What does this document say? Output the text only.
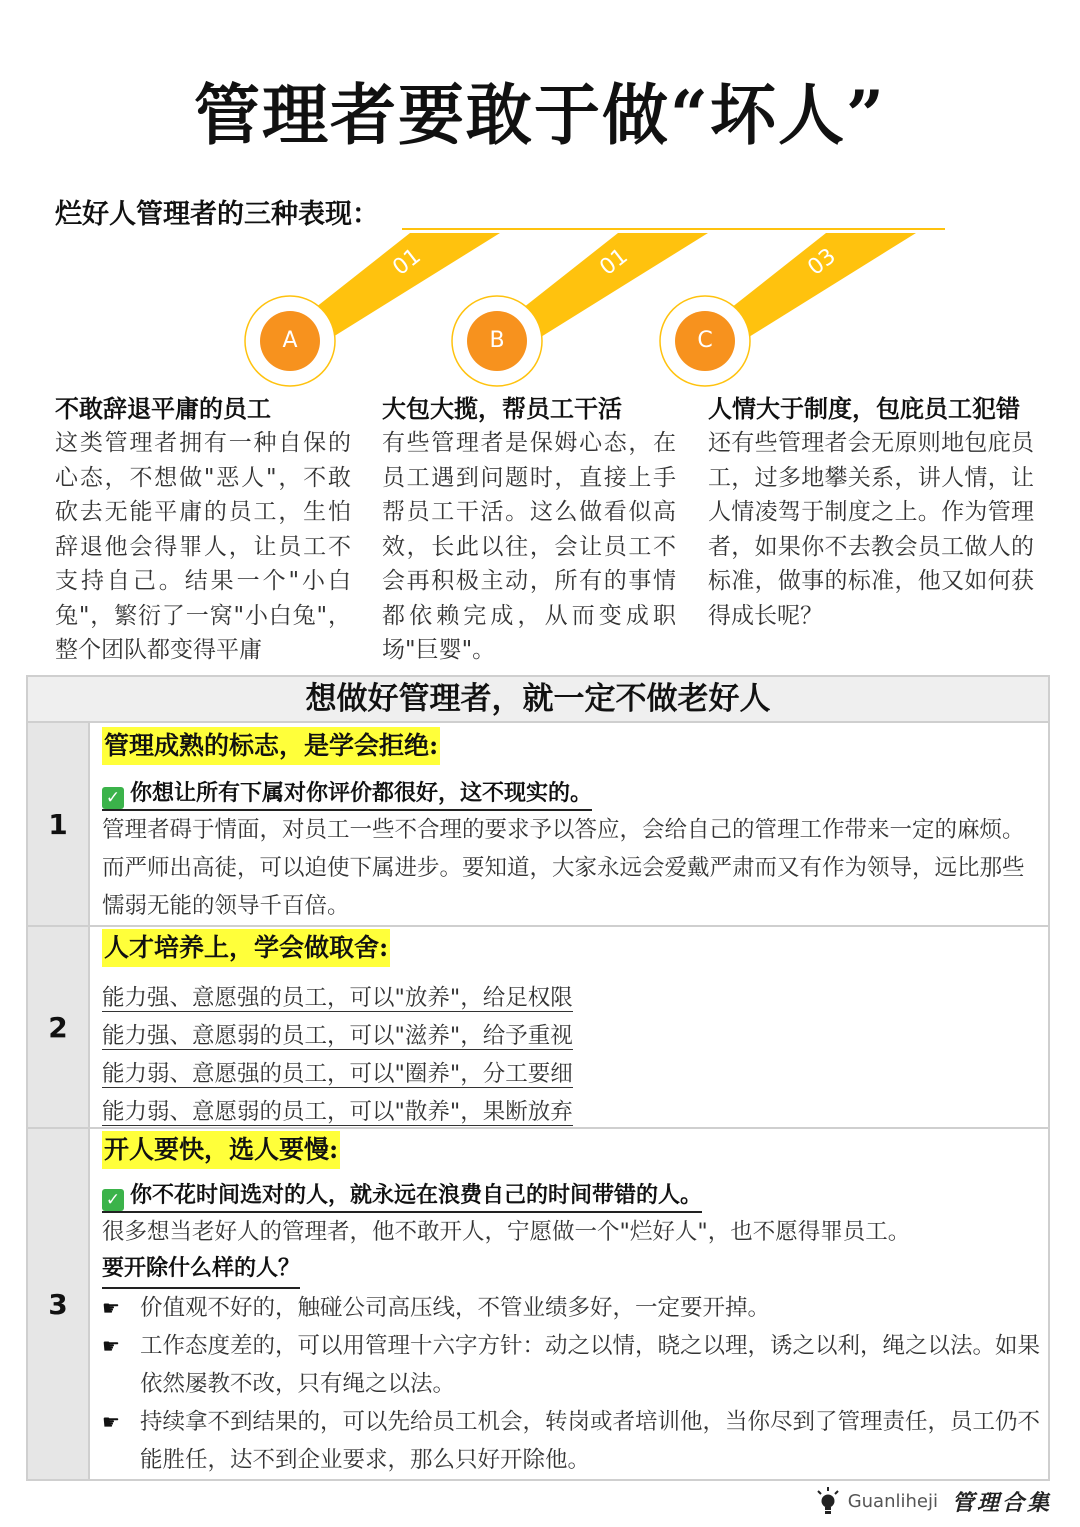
管理者要敢于做“坏人”
烂好人管理者的三种表现：
01	01	03
A	B	C
不敢辞退平庸的员工
这类管理者拥有一种自保的心态，不想做"恶人"，不敢砍去无能平庸的员工，生怕辞退他会得罪人，让员工不支持自己。结果一个"小白兔"，繁衍了一窝"小白兔"，整个团队都变得平庸
大包大揽，帮员工干活
有些管理者是保姆心态，在员工遇到问题时，直接上手帮员工干活。这么做看似高效，长此以往，会让员工不会再积极主动，所有的事情都依赖完成，从而变成职场"巨婴"。
人情大于制度，包庇员工犯错
还有些管理者会无原则地包庇员工，过多地攀关系，讲人情，让人情凌驾于制度之上。作为管理者，如果你不去教会员工做人的标准，做事的标准，他又如何获得成长呢？
想做好管理者，就一定不做老好人
1
管理成熟的标志，是学会拒绝:
✓ 你想让所有下属对你评价都很好，这不现实的。
管理者碍于情面，对员工一些不合理的要求予以答应，会给自己的管理工作带来一定的麻烦。而严师出高徒，可以迫使下属进步。要知道，大家永远会爱戴严肃而又有作为领导，远比那些懦弱无能的领导千百倍。
2
人才培养上，学会做取舍:
能力强、意愿强的员工，可以"放养"，给足权限
能力强、意愿弱的员工，可以"滋养"，给予重视
能力弱、意愿强的员工，可以"圈养"，分工要细
能力弱、意愿弱的员工，可以"散养"，果断放弃
3
开人要快，选人要慢:
✓ 你不花时间选对的人，就永远在浪费自己的时间带错的人。
很多想当老好人的管理者，他不敢开人，宁愿做一个"烂好人"，也不愿得罪员工。
要开除什么样的人？
☛ 价值观不好的，触碰公司高压线，不管业绩多好，一定要开掉。
☛ 工作态度差的，可以用管理十六字方针：动之以情，晓之以理，诱之以利，绳之以法。如果依然屡教不改，只有绳之以法。
☛ 持续拿不到结果的，可以先给员工机会，转岗或者培训他，当你尽到了管理责任，员工仍不能胜任，达不到企业要求，那么只好开除他。
Guanliheji 管理合集
